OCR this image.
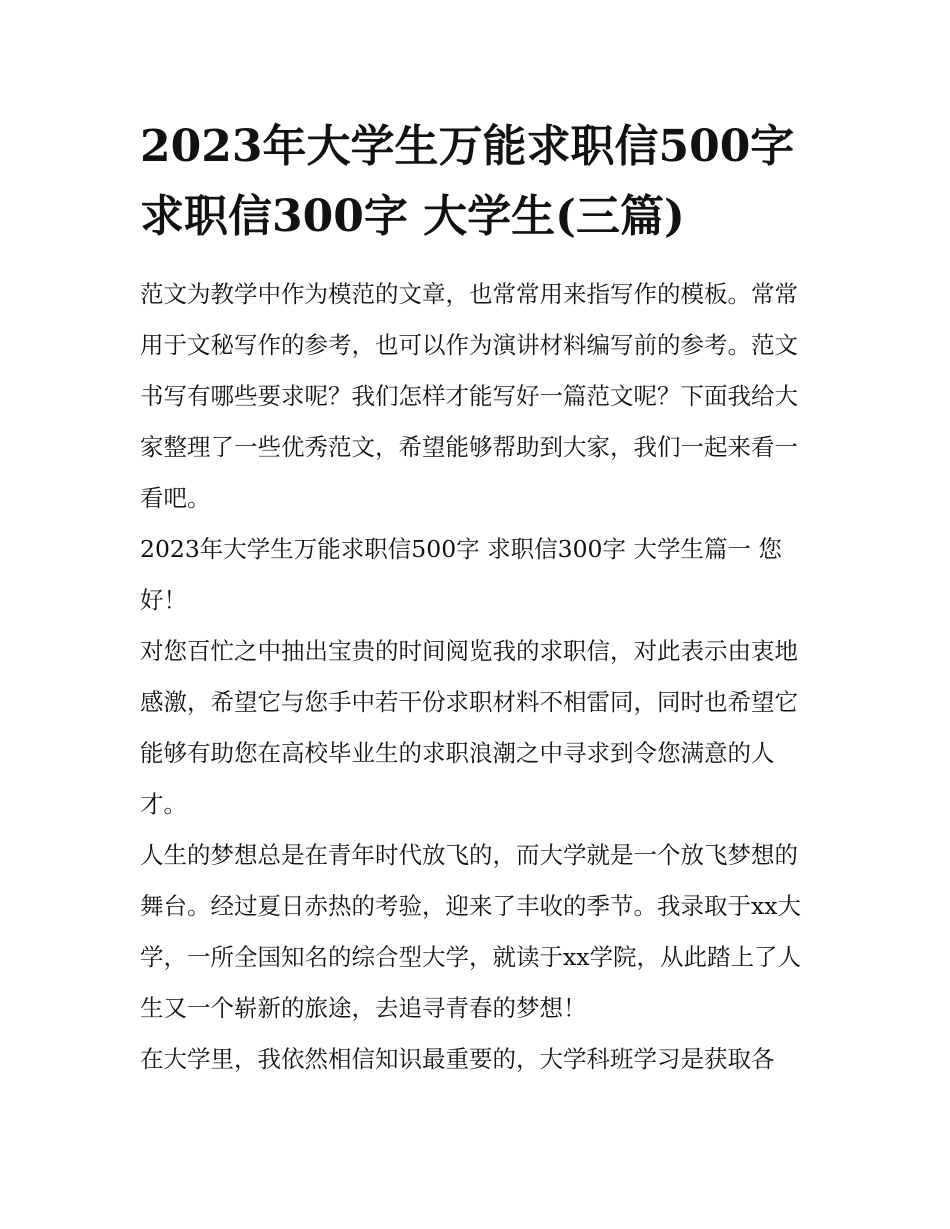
2023年大学生万能求职信500字 求职信300字 大学生(三篇)

范文为教学中作为模范的文章，也常常用来指写作的模板。常常用于文秘写作的参考，也可以作为演讲材料编写前的参考。范文书写有哪些要求呢？我们怎样才能写好一篇范文呢？下面我给大家整理了一些优秀范文，希望能够帮助到大家，我们一起来看一看吧。

2023年大学生万能求职信500字 求职信300字 大学生篇一 您好！

对您百忙之中抽出宝贵的时间阅览我的求职信，对此表示由衷地感激，希望它与您手中若干份求职材料不相雷同，同时也希望它能够有助您在高校毕业生的求职浪潮之中寻求到令您满意的人才。

人生的梦想总是在青年时代放飞的，而大学就是一个放飞梦想的舞台。经过夏日赤热的考验，迎来了丰收的季节。我录取于xx大学，一所全国知名的综合型大学，就读于xx学院，从此踏上了人生又一个崭新的旅途，去追寻青春的梦想！

在大学里，我依然相信知识最重要的，大学科班学习是获取各
